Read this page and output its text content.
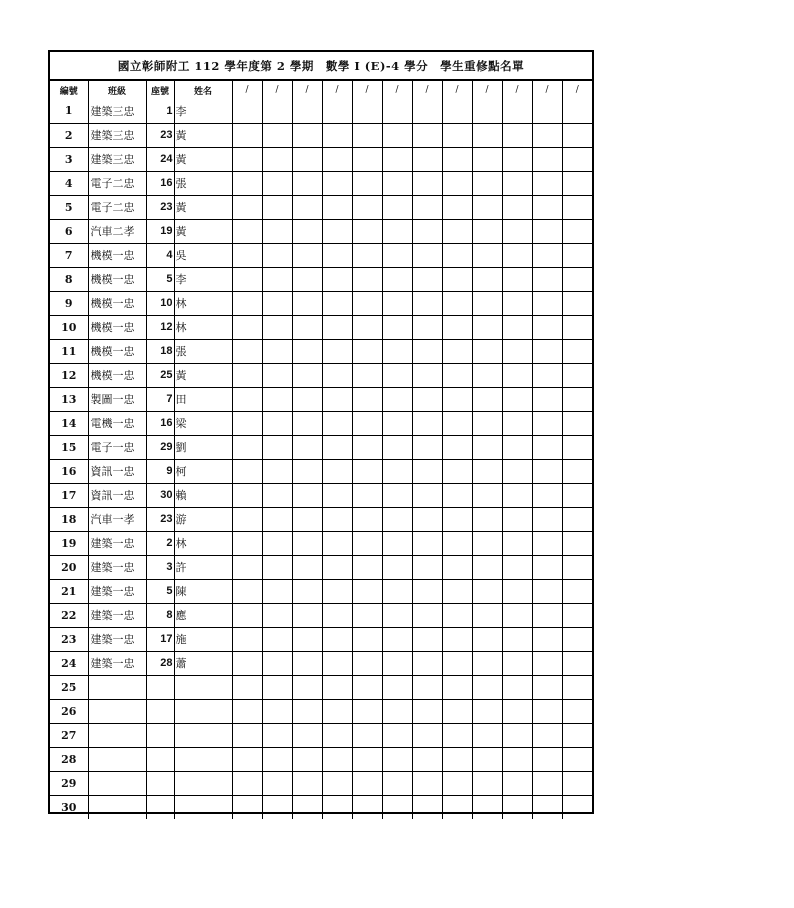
國立彰師附工 112 學年度第 2 學期　數學 I (E)-4 學分　學生重修點名單
編號	班級	座號	姓名	/	/	/	/	/	/	/	/	/	/	/	/
1	建築三忠	1	李

2	建築三忠	23	黃

3	建築三忠	24	黃

4	電子二忠	16	張

5	電子二忠	23	黃

6	汽車二孝	19	黃

7	機模一忠	4	吳

8	機模一忠	5	李

9	機模一忠	10	林

10	機模一忠	12	林

11	機模一忠	18	張

12	機模一忠	25	黃

13	製圖一忠	7	田

14	電機一忠	16	梁

15	電子一忠	29	劉

16	資訊一忠	9	柯

17	資訊一忠	30	賴

18	汽車一孝	23	游

19	建築一忠	2	林

20	建築一忠	3	許

21	建築一忠	5	陳

22	建築一忠	8	應

23	建築一忠	17	施

24	建築一忠	28	蕭

25															
26															
27															
28															
29															
30															
